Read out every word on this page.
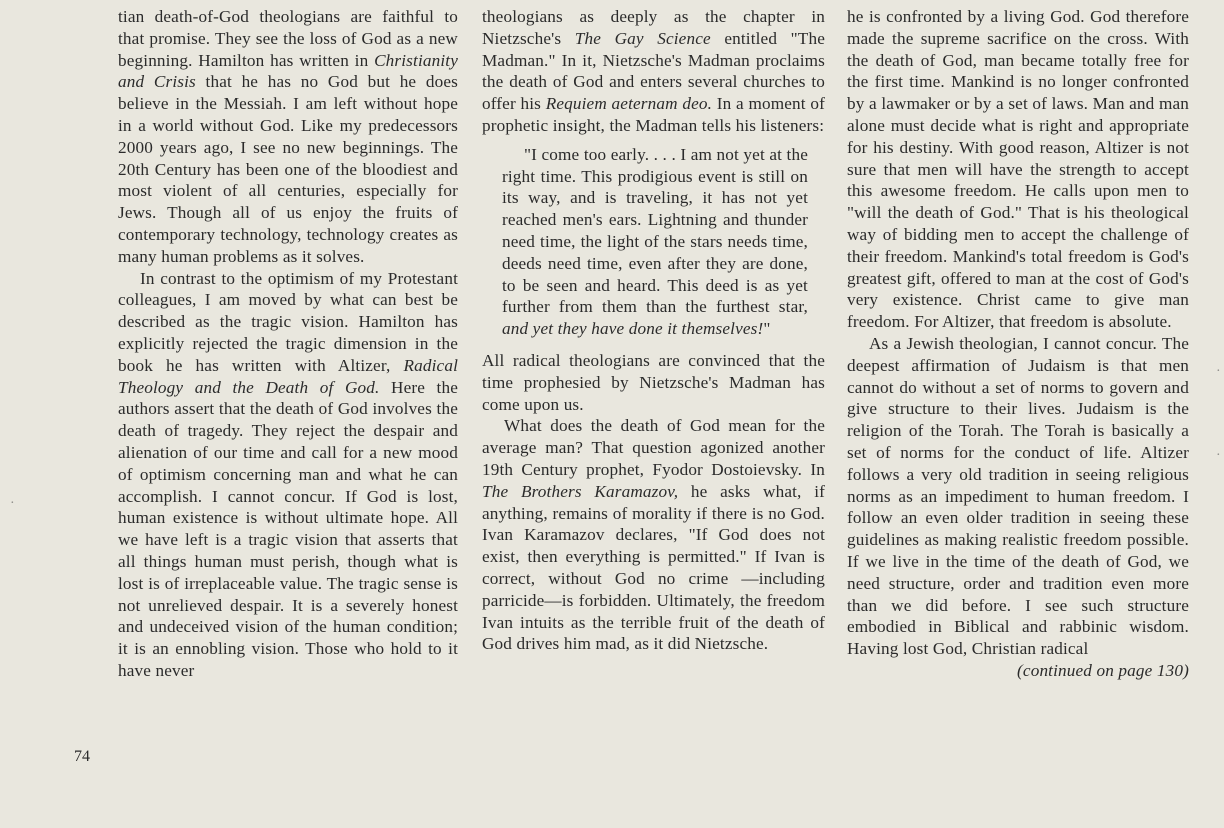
tian death-of-God theologians are faithful to that promise. They see the loss of God as a new beginning. Hamilton has written in Christianity and Crisis that he has no God but he does believe in the Messiah. I am left without hope in a world without God. Like my predecessors 2000 years ago, I see no new beginnings. The 20th Century has been one of the bloodiest and most violent of all centuries, especially for Jews. Though all of us enjoy the fruits of contemporary technology, technology creates as many human problems as it solves.

In contrast to the optimism of my Protestant colleagues, I am moved by what can best be described as the tragic vision. Hamilton has explicitly rejected the tragic dimension in the book he has written with Altizer, Radical Theology and the Death of God. Here the authors assert that the death of God involves the death of tragedy. They reject the despair and alienation of our time and call for a new mood of optimism concerning man and what he can accomplish. I cannot concur. If God is lost, human existence is without ultimate hope. All we have left is a tragic vision that asserts that all things human must perish, though what is lost is of irreplaceable value. The tragic sense is not unrelieved despair. It is a severely honest and undeceived vision of the human condition; it is an ennobling vision. Those who hold to it have never

theologians as deeply as the chapter in Nietzsche's The Gay Science entitled "The Madman." In it, Nietzsche's Madman proclaims the death of God and enters several churches to offer his Requiem aeternam deo. In a moment of prophetic insight, the Madman tells his listeners:

"I come too early. . . . I am not yet at the right time. This prodigious event is still on its way, and is traveling, it has not yet reached men's ears. Lightning and thunder need time, the light of the stars needs time, deeds need time, even after they are done, to be seen and heard. This deed is as yet further from them than the furthest star, and yet they have done it themselves!"

All radical theologians are convinced that the time prophesied by Nietzsche's Madman has come upon us.

What does the death of God mean for the average man? That question agonized another 19th Century prophet, Fyodor Dostoievsky. In The Brothers Karamazov, he asks what, if anything, remains of morality if there is no God. Ivan Karamazov declares, "If God does not exist, then everything is permitted." If Ivan is correct, without God no crime —including parricide—is forbidden. Ultimately, the freedom Ivan intuits as the terrible fruit of the death of God drives him mad, as it did Nietzsche.

he is confronted by a living God. God therefore made the supreme sacrifice on the cross. With the death of God, man became totally free for the first time. Mankind is no longer confronted by a lawmaker or by a set of laws. Man and man alone must decide what is right and appropriate for his destiny. With good reason, Altizer is not sure that men will have the strength to accept this awesome freedom. He calls upon men to "will the death of God." That is his theological way of bidding men to accept the challenge of their freedom. Mankind's total freedom is God's greatest gift, offered to man at the cost of God's very existence. Christ came to give man freedom. For Altizer, that freedom is absolute.

As a Jewish theologian, I cannot concur. The deepest affirmation of Judaism is that men cannot do without a set of norms to govern and give structure to their lives. Judaism is the religion of the Torah. The Torah is basically a set of norms for the conduct of life. Altizer follows a very old tradition in seeing religious norms as an impediment to human freedom. I follow an even older tradition in seeing these guidelines as making realistic freedom possible. If we live in the time of the death of God, we need structure, order and tradition even more than we did before. I see such structure embodied in Biblical and rabbinic wisdom. Having lost God, Christian radical

(continued on page 130)

74
·
·
·
